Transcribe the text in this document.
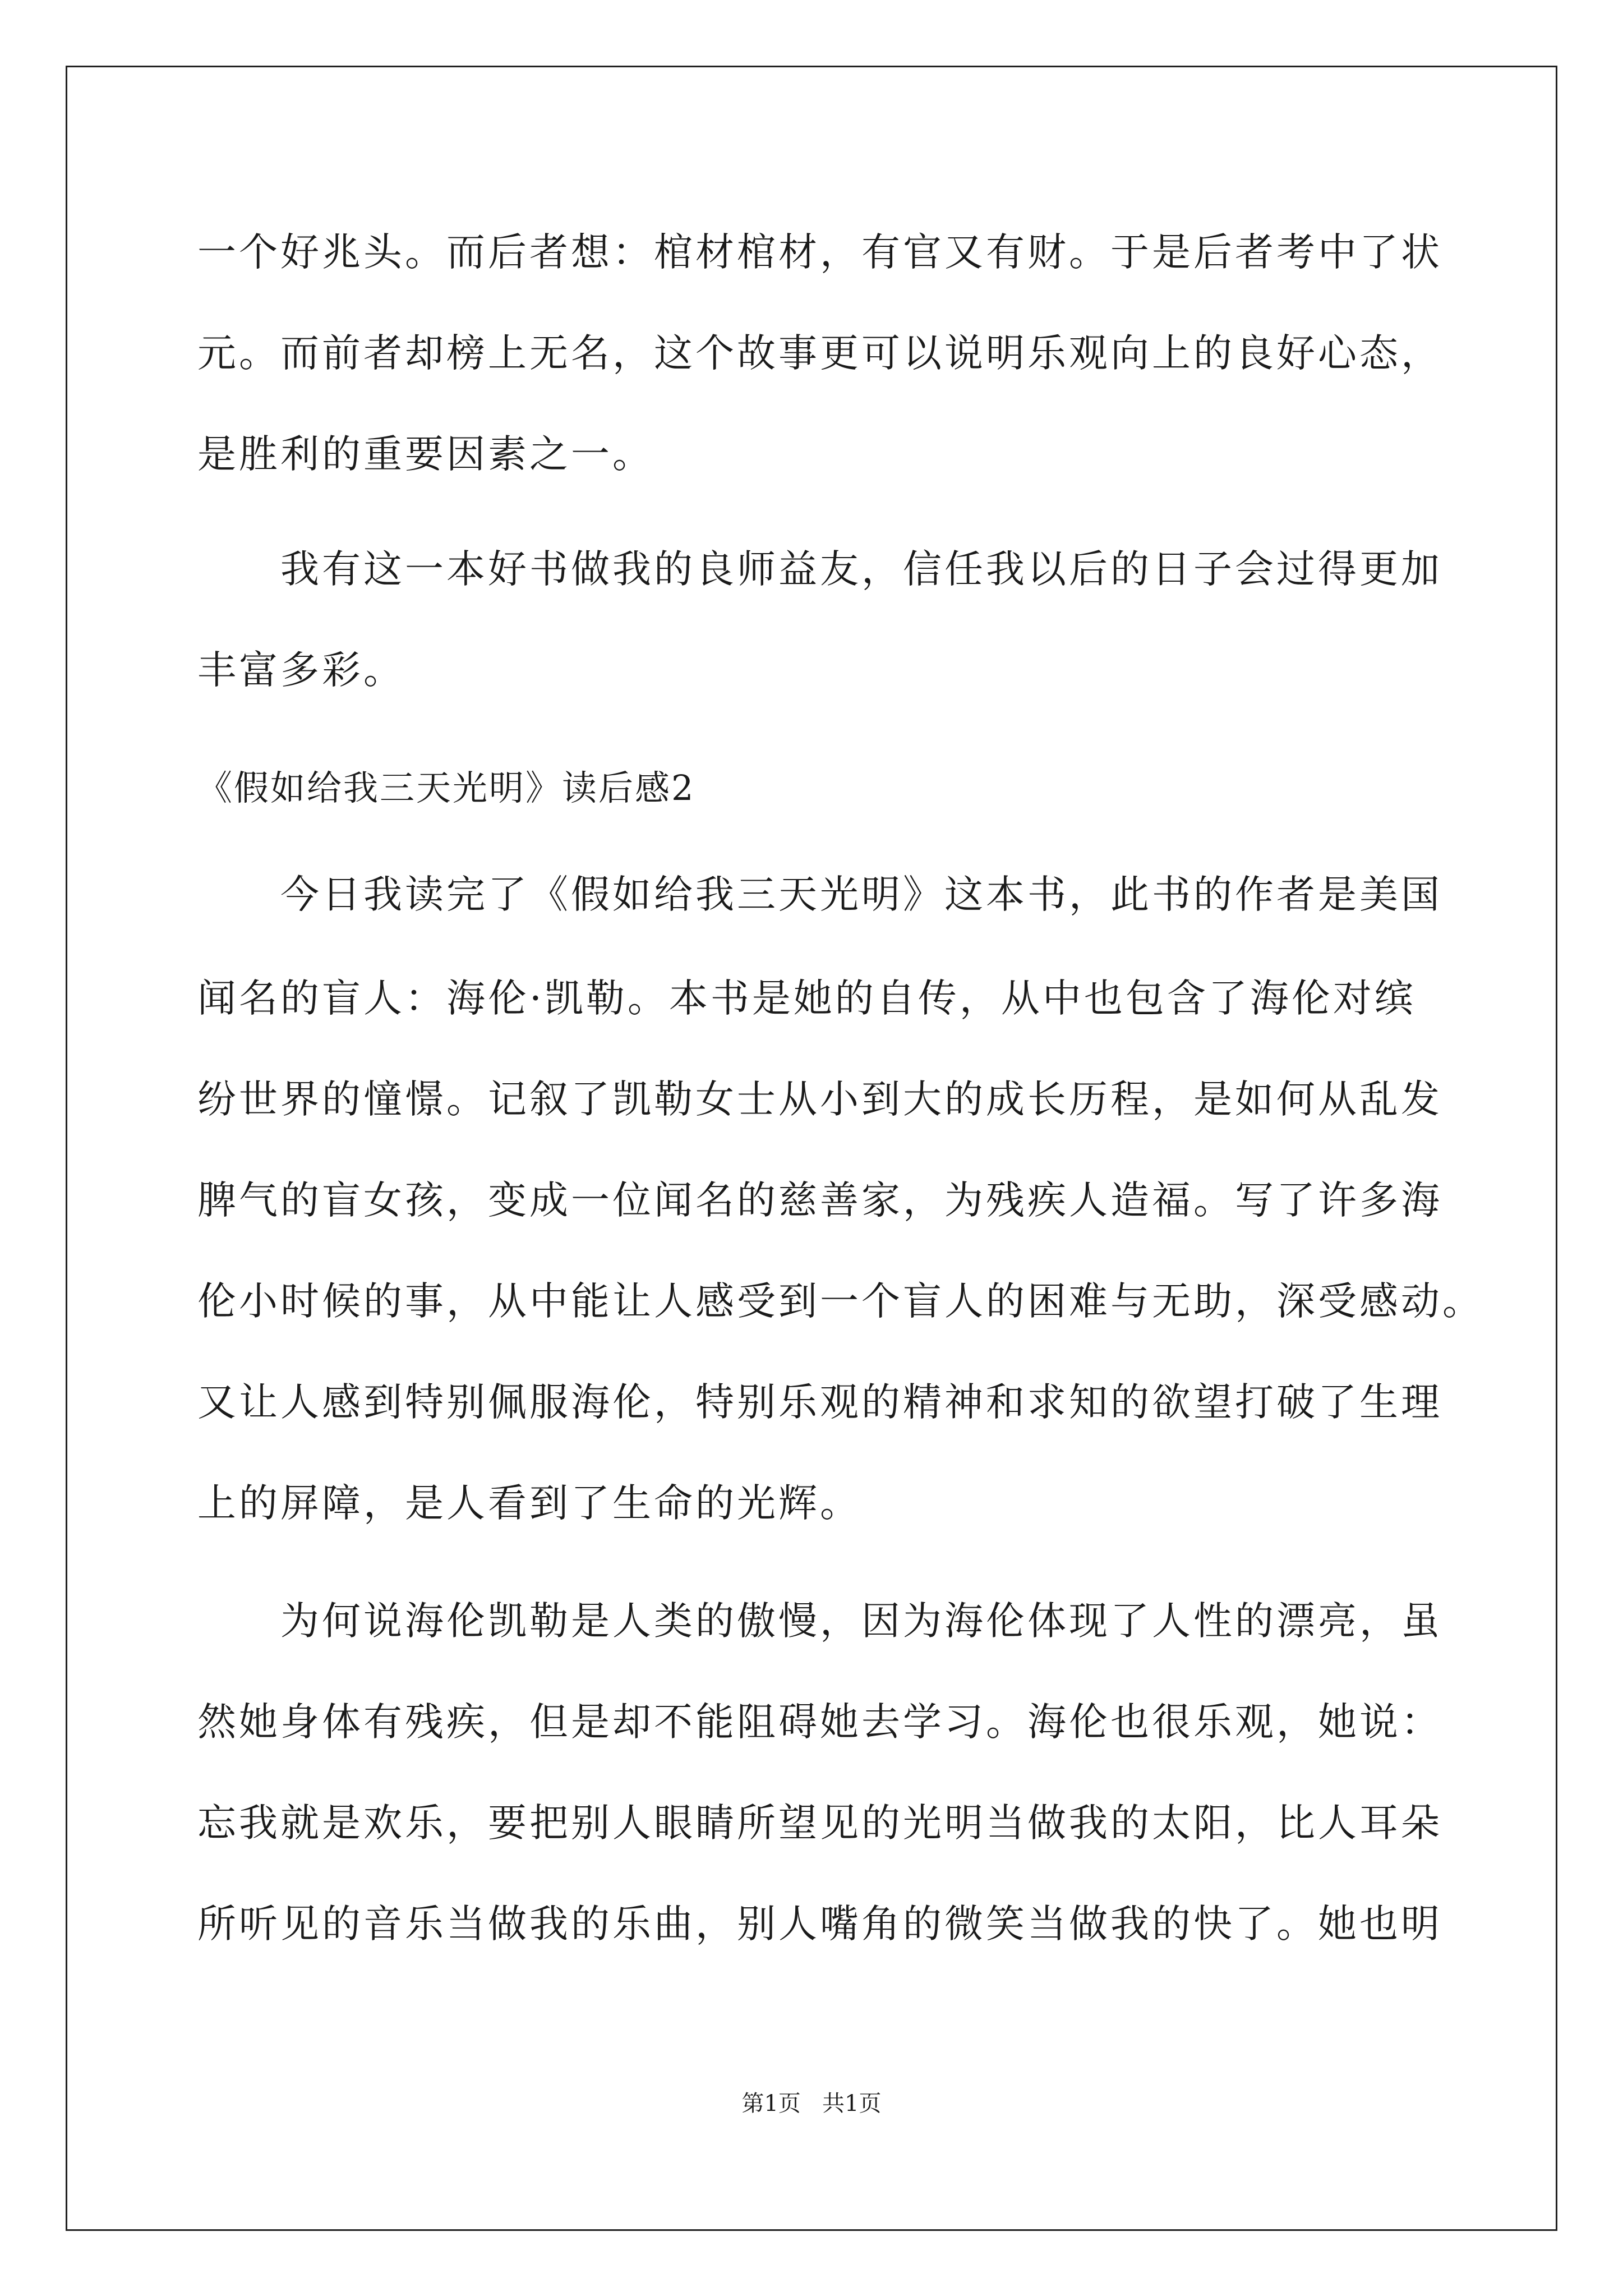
一个好兆头。而后者想：棺材棺材，有官又有财。于是后者考中了状

元。而前者却榜上无名，这个故事更可以说明乐观向上的良好心态，

是胜利的重要因素之一。

我有这一本好书做我的良师益友，信任我以后的日子会过得更加

丰富多彩。

《假如给我三天光明》读后感2

今日我读完了《假如给我三天光明》这本书，此书的作者是美国

闻名的盲人：海伦·凯勒。本书是她的自传，从中也包含了海伦对缤

纷世界的憧憬。记叙了凯勒女士从小到大的成长历程，是如何从乱发

脾气的盲女孩，变成一位闻名的慈善家，为残疾人造福。写了许多海

伦小时候的事，从中能让人感受到一个盲人的困难与无助，深受感动。

又让人感到特别佩服海伦，特别乐观的精神和求知的欲望打破了生理

上的屏障，是人看到了生命的光辉。

为何说海伦凯勒是人类的傲慢，因为海伦体现了人性的漂亮，虽

然她身体有残疾，但是却不能阻碍她去学习。海伦也很乐观，她说：

忘我就是欢乐，要把别人眼睛所望见的光明当做我的太阳，比人耳朵

所听见的音乐当做我的乐曲，别人嘴角的微笑当做我的快了。她也明

第1页   共1页
